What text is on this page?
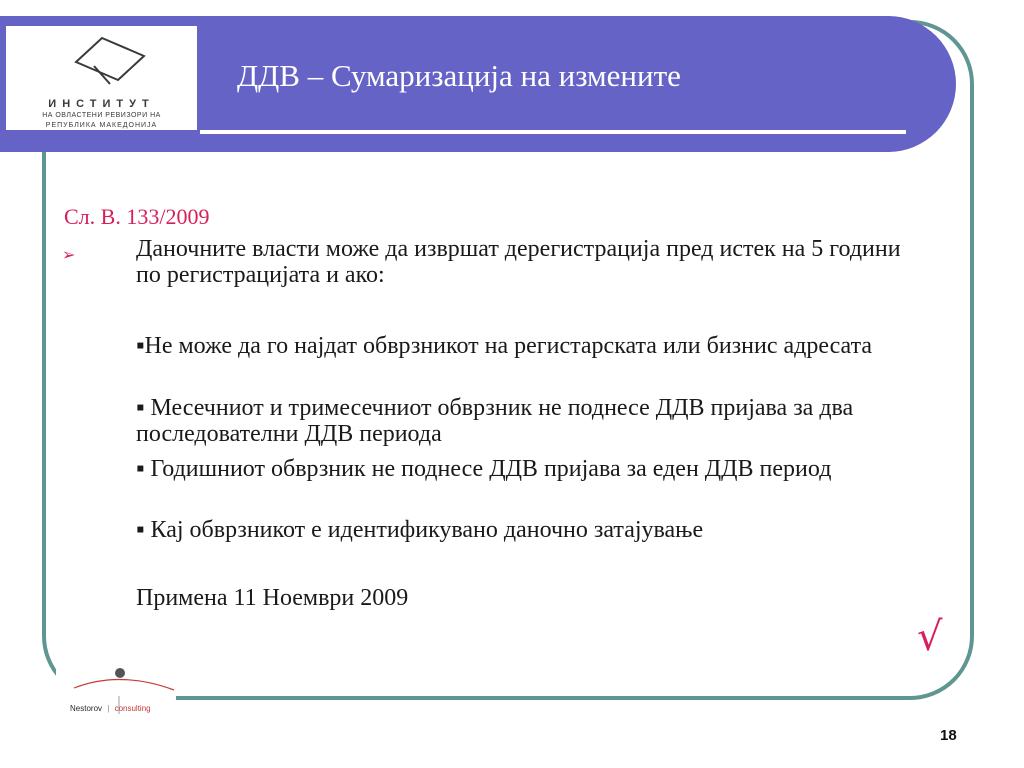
ИНСТИТУТ
НА ОВЛАСТЕНИ РЕВИЗОРИ НА
РЕПУБЛИКА МАКЕДОНИЈА
ДДВ – Сумаризација на измените
Сл. В. 133/2009
➢	Даночните власти може да извршат дерегистрација пред истек на 5 години по регистрацијата и ако:
▪Не може да го најдат обврзникот на регистарската или бизнис адресата
▪ Месечниот и тримесечниот обврзник не поднесе ДДВ пријава за два последователни ДДВ периода
▪ Годишниот обврзник не поднесе ДДВ пријава за еден ДДВ период
▪ Кај обврзникот е идентификувано даночно затајување
Примена 11 Ноември 2009
√
Nestorov | consulting
18
